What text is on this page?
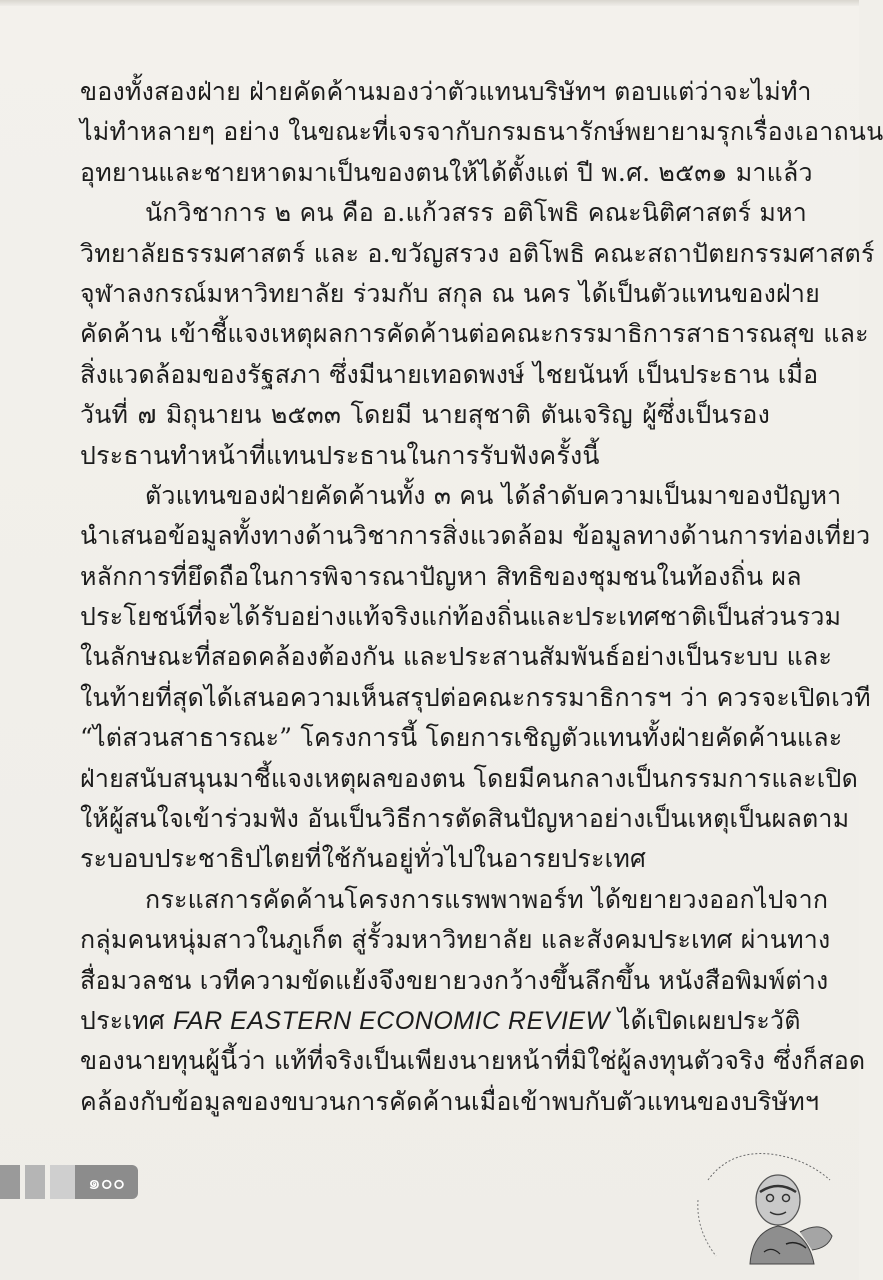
ของทั้งสองฝ่าย ฝ่ายคัดค้านมองว่าตัวแทนบริษัทฯ ตอบแต่ว่าจะไม่ทำ
ไม่ทำหลายๆ อย่าง ในขณะที่เจรจากับกรมธนารักษ์พยายามรุกเรื่องเอาถนน
อุทยานและชายหาดมาเป็นของตนให้ได้ตั้งแต่ ปี พ.ศ. ๒๕๓๑ มาแล้ว
นักวิชาการ ๒ คน คือ อ.แก้วสรร อติโพธิ คณะนิติศาสตร์ มหา
วิทยาลัยธรรมศาสตร์ และ อ.ขวัญสรวง อติโพธิ คณะสถาปัตยกรรมศาสตร์
จุฬาลงกรณ์มหาวิทยาลัย ร่วมกับ สกุล ณ นคร ได้เป็นตัวแทนของฝ่าย
คัดค้าน เข้าชี้แจงเหตุผลการคัดค้านต่อคณะกรรมาธิการสาธารณสุข และ
สิ่งแวดล้อมของรัฐสภา ซึ่งมีนายเทอดพงษ์ ไชยนันท์ เป็นประธาน เมื่อ
วันที่ ๗ มิถุนายน ๒๕๓๓ โดยมี นายสุชาติ ตันเจริญ ผู้ซึ่งเป็นรอง
ประธานทำหน้าที่แทนประธานในการรับฟังครั้งนี้
ตัวแทนของฝ่ายคัดค้านทั้ง ๓ คน ได้ลำดับความเป็นมาของปัญหา
นำเสนอข้อมูลทั้งทางด้านวิชาการสิ่งแวดล้อม ข้อมูลทางด้านการท่องเที่ยว
หลักการที่ยึดถือในการพิจารณาปัญหา สิทธิของชุมชนในท้องถิ่น ผล
ประโยชน์ที่จะได้รับอย่างแท้จริงแก่ท้องถิ่นและประเทศชาติเป็นส่วนรวม
ในลักษณะที่สอดคล้องต้องกัน และประสานสัมพันธ์อย่างเป็นระบบ และ
ในท้ายที่สุดได้เสนอความเห็นสรุปต่อคณะกรรมาธิการฯ ว่า ควรจะเปิดเวที
“ไต่สวนสาธารณะ” โครงการนี้ โดยการเชิญตัวแทนทั้งฝ่ายคัดค้านและ
ฝ่ายสนับสนุนมาชี้แจงเหตุผลของตน โดยมีคนกลางเป็นกรรมการและเปิด
ให้ผู้สนใจเข้าร่วมฟัง อันเป็นวิธีการตัดสินปัญหาอย่างเป็นเหตุเป็นผลตาม
ระบอบประชาธิปไตยที่ใช้กันอยู่ทั่วไปในอารยประเทศ
กระแสการคัดค้านโครงการแรพพาพอร์ท ได้ขยายวงออกไปจาก
กลุ่มคนหนุ่มสาวในภูเก็ต สู่รั้วมหาวิทยาลัย และสังคมประเทศ ผ่านทาง
สื่อมวลชน เวทีความขัดแย้งจึงขยายวงกว้างขึ้นลึกขึ้น หนังสือพิมพ์ต่าง
ประเทศ FAR EASTERN ECONOMIC REVIEW ได้เปิดเผยประวัติ
ของนายทุนผู้นี้ว่า แท้ที่จริงเป็นเพียงนายหน้าที่มิใช่ผู้ลงทุนตัวจริง ซึ่งก็สอด
คล้องกับข้อมูลของขบวนการคัดค้านเมื่อเข้าพบกับตัวแทนของบริษัทฯ
๑๐๐
